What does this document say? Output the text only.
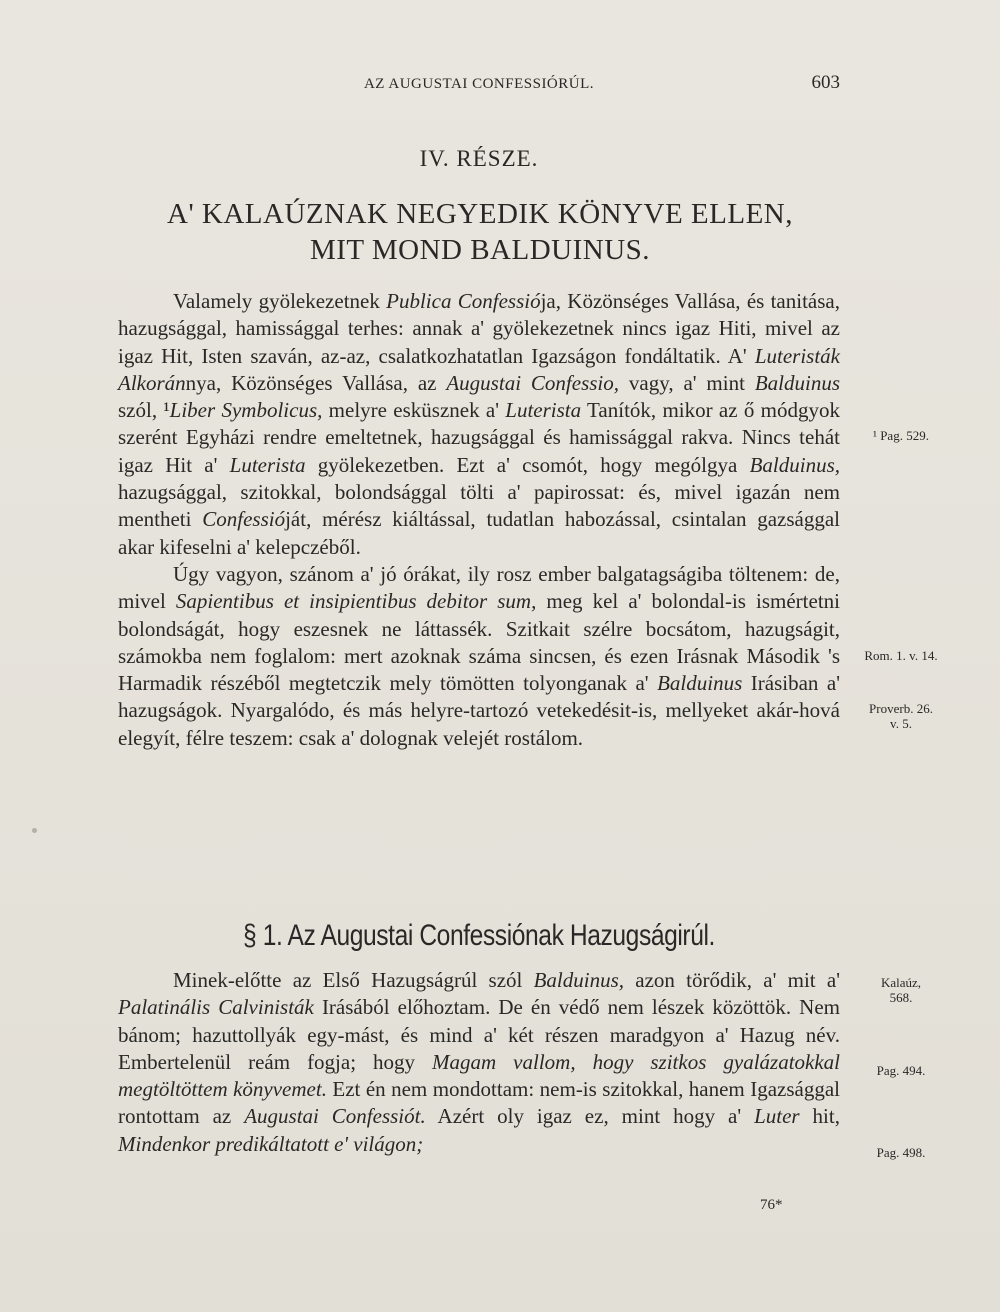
AZ AUGUSTAI CONFESSIÓRÚL.	603
IV. RÉSZE.
A' KALAÚZNAK NEGYEDIK KÖNYVE ELLEN,
MIT MOND BALDUINUS.

Valamely gyölekezetnek Publica Confessiója, Közönséges Vallása, és tanitása, hazugsággal, hamissággal terhes: annak a' gyölekezetnek nincs igaz Hiti, mivel az igaz Hit, Isten szaván, az-az, csalatkozhatatlan Igazságon fondáltatik. A' Luteristák Alkoránnya, Közönséges Vallása, az Augustai Confessio, vagy, a' mint Balduinus szól, ¹Liber Symbolicus, melyre esküsznek a' Luterista Tanítók, mikor az ő módgyok szerént Egyházi rendre emeltetnek, hazugsággal és hamissággal rakva. Nincs tehát igaz Hit a' Luterista gyölekezetben. Ezt a' csomót, hogy mególgya Balduinus, hazugsággal, szitokkal, bolondsággal tölti a' papirossat: és, mivel igazán nem mentheti Confessióját, mérész kiáltással, tudatlan habozással, csintalan gazsággal akar kifeselni a' kelepczéből.

Úgy vagyon, szánom a' jó órákat, ily rosz ember balgatagságiba töltenem: de, mivel Sapientibus et insipientibus debitor sum, meg kel a' bolondal-is ismértetni bolondságát, hogy eszesnek ne láttassék. Szitkait szélre bocsátom, hazugságit, számokba nem foglalom: mert azoknak száma sincsen, és ezen Irásnak Második 's Harmadik részéből megtetczik mely tömötten tolyonganak a' Balduinus Irásiban a' hazugságok. Nyargalódo, és más helyre-tartozó vetekedésit-is, mellyeket akár-hová elegyít, félre teszem: csak a' dolognak velejét rostálom.

§ 1. Az Augustai Confessiónak Hazugságirúl.

Minek-előtte az Első Hazugságrúl szól Balduinus, azon törődik, a' mit a' Palatinális Calvinisták Irásából előhoztam. De én védő nem lészek közöttök. Nem bánom; hazuttollyák egy-mást, és mind a' két részen maradgyon a' Hazug név. Embertelenül reám fogja; hogy Magam vallom, hogy szitkos gyalázatokkal megtöltöttem könyvemet. Ezt én nem mondottam: nem-is szitokkal, hanem Igazsággal rontottam az Augustai Confessiót. Azért oly igaz ez, mint hogy a' Luter hit, Mindenkor predikáltatott e' világon;

¹ Pag. 529.
Rom. 1. v. 14.
Proverb. 26.
v. 5.
Kalaúz,
568.
Pag. 494.
Pag. 498.
76*
